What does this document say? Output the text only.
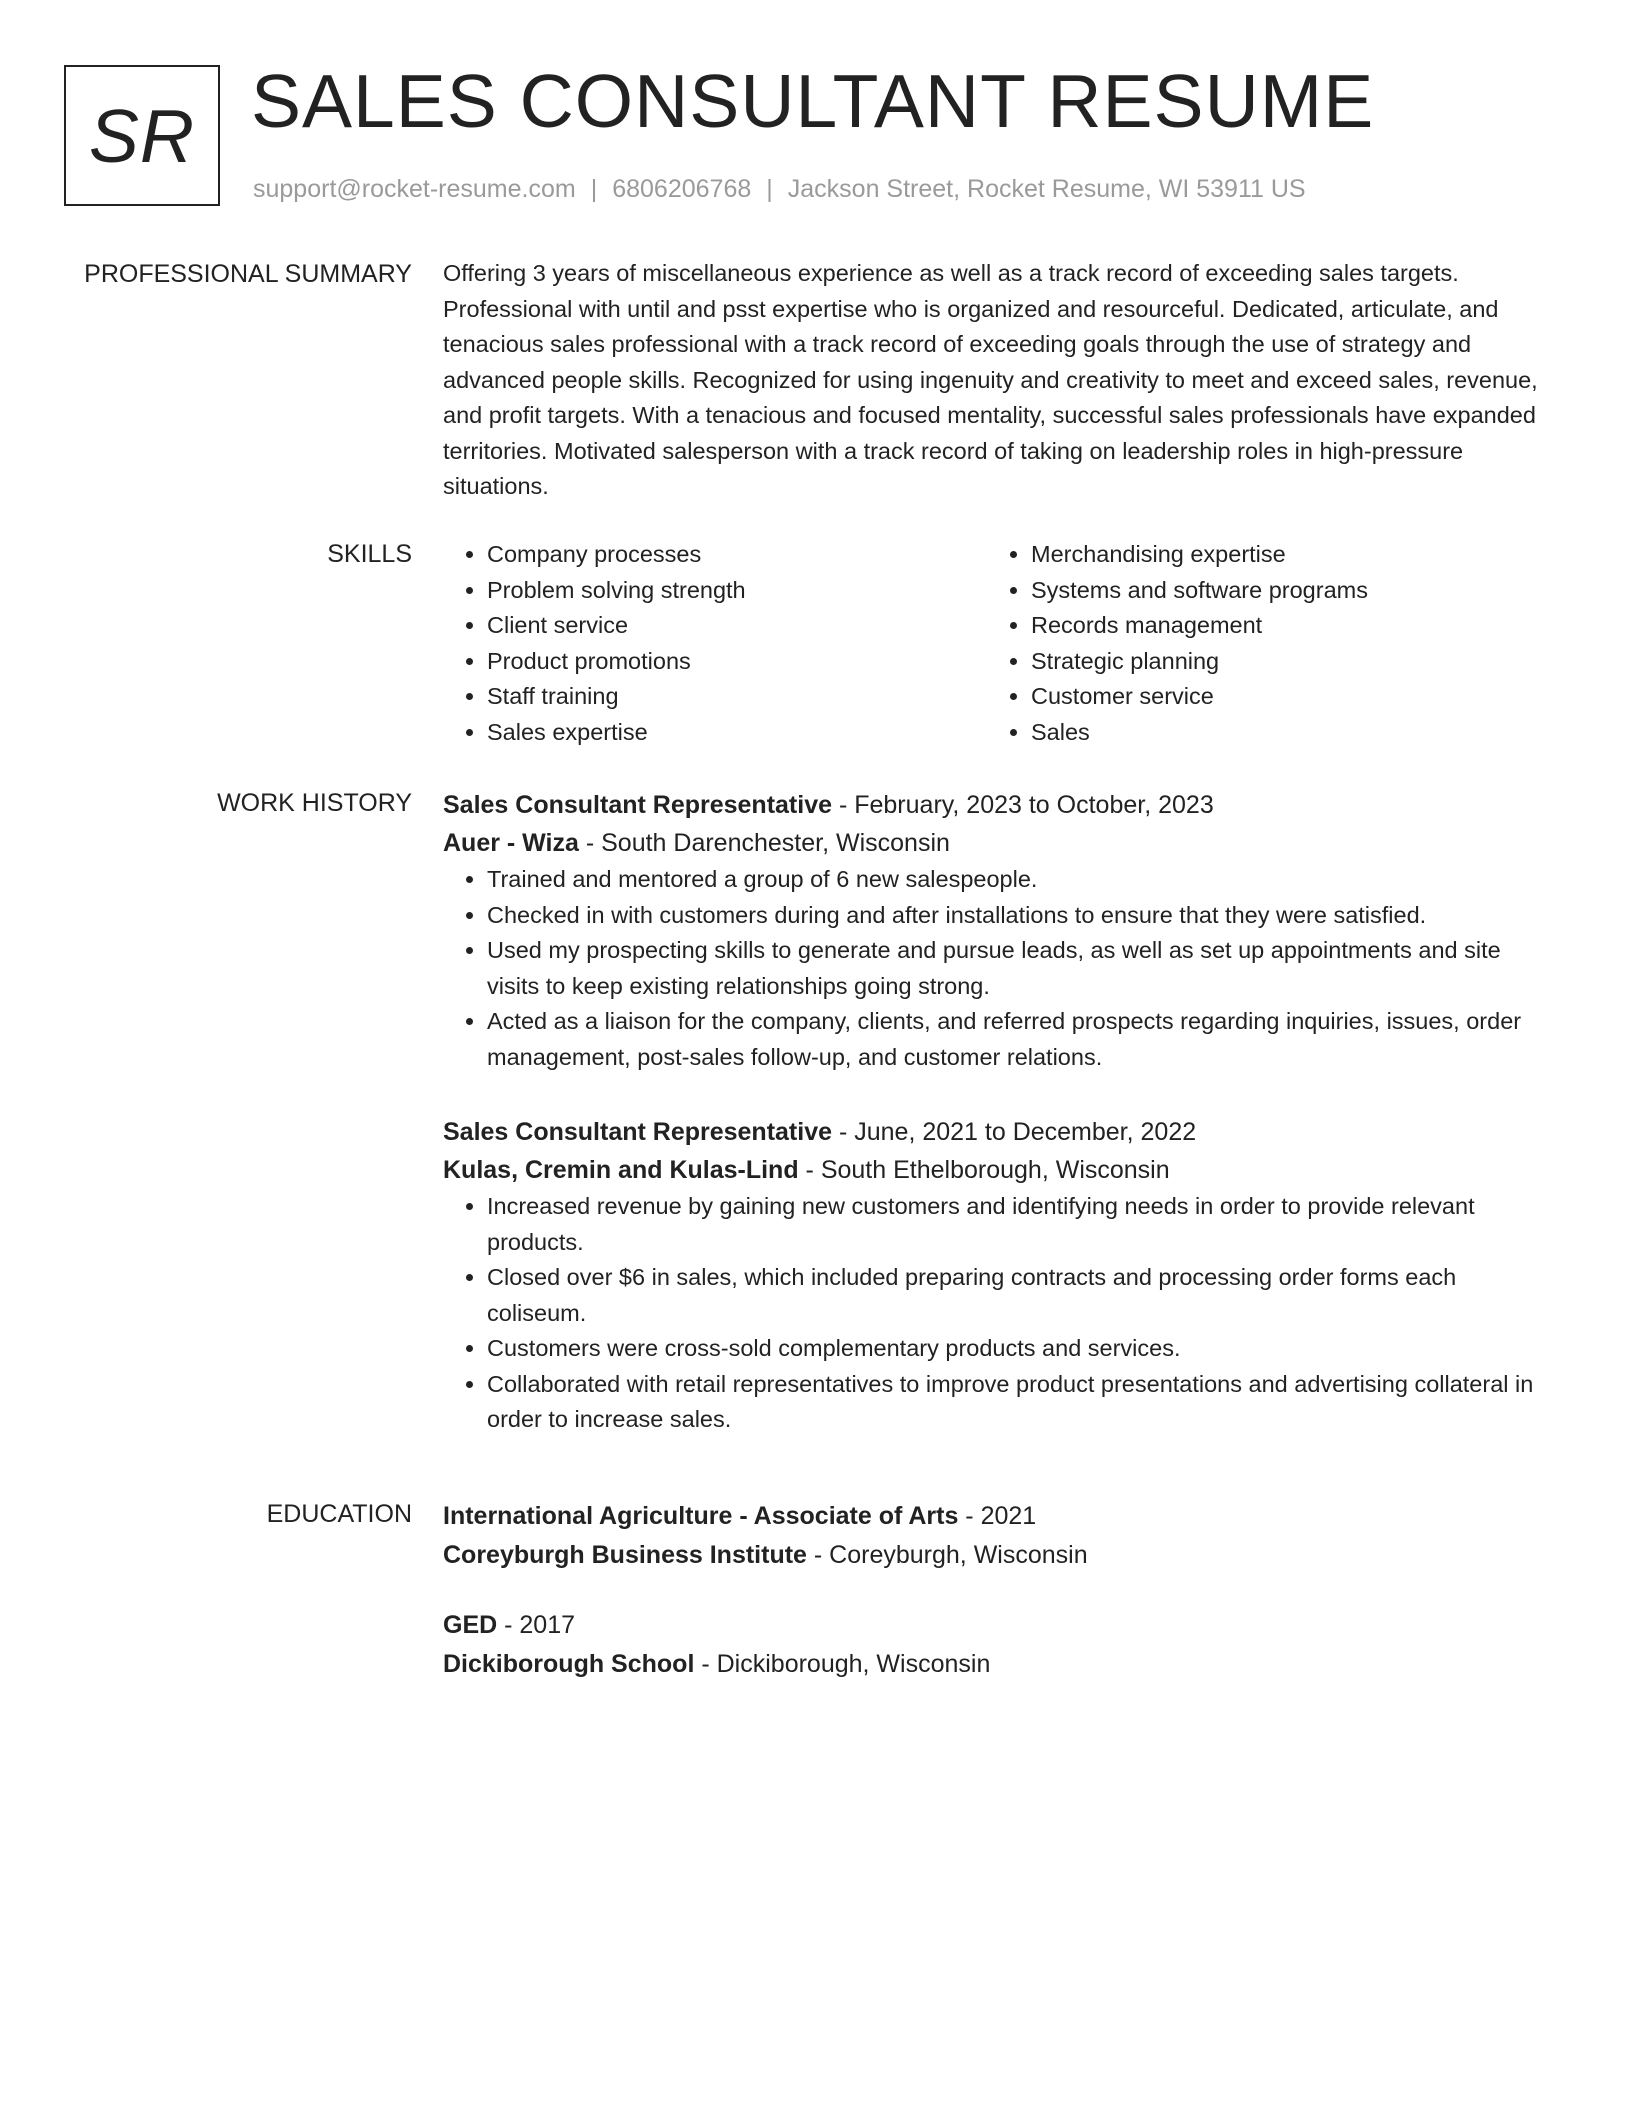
SR SALES CONSULTANT RESUME
support@rocket-resume.com | 6806206768 | Jackson Street, Rocket Resume, WI 53911 US
PROFESSIONAL SUMMARY Offering 3 years of miscellaneous experience as well as a track record of exceeding sales targets. Professional with until and psst expertise who is organized and resourceful. Dedicated, articulate, and tenacious sales professional with a track record of exceeding goals through the use of strategy and advanced people skills. Recognized for using ingenuity and creativity to meet and exceed sales, revenue, and profit targets. With a tenacious and focused mentality, successful sales professionals have expanded territories. Motivated salesperson with a track record of taking on leadership roles in high-pressure situations.
SKILLS
•	Company processes
• Problem solving strength
• Client service
• Product promotions
• Staff training
• Sales expertise
• Merchandising expertise
• Systems and software programs
• Records management
• Strategic planning
• Customer service
• Sales
WORK HISTORY Sales Consultant Representative - February, 2023 to October, 2023
Auer - Wiza - South Darenchester, Wisconsin
• Trained and mentored a group of 6 new salespeople.
• Checked in with customers during and after installations to ensure that they were satisfied.
• Used my prospecting skills to generate and pursue leads, as well as set up appointments and site visits to keep existing relationships going strong.
• Acted as a liaison for the company, clients, and referred prospects regarding inquiries, issues, order management, post-sales follow-up, and customer relations.
Sales Consultant Representative - June, 2021 to December, 2022
Kulas, Cremin and Kulas-Lind - South Ethelborough, Wisconsin
• Increased revenue by gaining new customers and identifying needs in order to provide relevant products.
• Closed over $6 in sales, which included preparing contracts and processing order forms each coliseum.
• Customers were cross-sold complementary products and services.
• Collaborated with retail representatives to improve product presentations and advertising collateral in order to increase sales.
EDUCATION International Agriculture - Associate of Arts - 2021
Coreyburgh Business Institute - Coreyburgh, Wisconsin
GED - 2017
Dickiborough School - Dickiborough, Wisconsin
